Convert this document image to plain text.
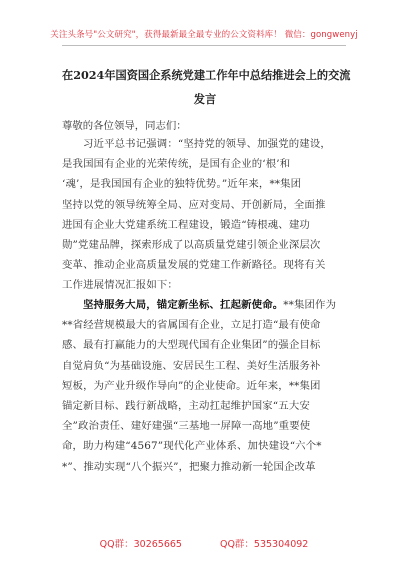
关注头条号"公文研究"，获得最新最全最专业的公文资料库！ 微信：gongwenyj
在2024年国资国企系统党建工作年中总结推进会上的交流
发言
尊敬的各位领导，同志们：
习近平总书记强调：“坚持党的领导、加强党的建设，
是我国国有企业的光荣传统，是国有企业的‘根’和
‘魂’，是我国国有企业的独特优势。”近年来，**集团
坚持以党的领导统筹全局、应对变局、开创新局，全面推
进国有企业大党建系统工程建设，锻造“铸根魂、建功
勋”党建品牌，探索形成了以高质量党建引领企业深层次
变革、推动企业高质量发展的党建工作新路径。现将有关
工作进展情况汇报如下：
坚持服务大局，锚定新坐标、扛起新使命。**集团作为
**省经营规模最大的省属国有企业，立足打造“最有使命
感、最有打赢能力的大型现代国有企业集团”的强企目标
自觉肩负“为基础设施、安居民生工程、美好生活服务补
短板，为产业升级作导向”的企业使命。近年来，**集团
锚定新目标、践行新战略，主动扛起维护国家“五大安
全”政治责任、建好建强“三基地一屏障一高地”重要使
命，助力构建“4567”现代化产业体系、加快建设“六个*
*”、推动实现“八个振兴”，把聚力推动新一轮国企改革
QQ群：30265665	QQ群：535304092
